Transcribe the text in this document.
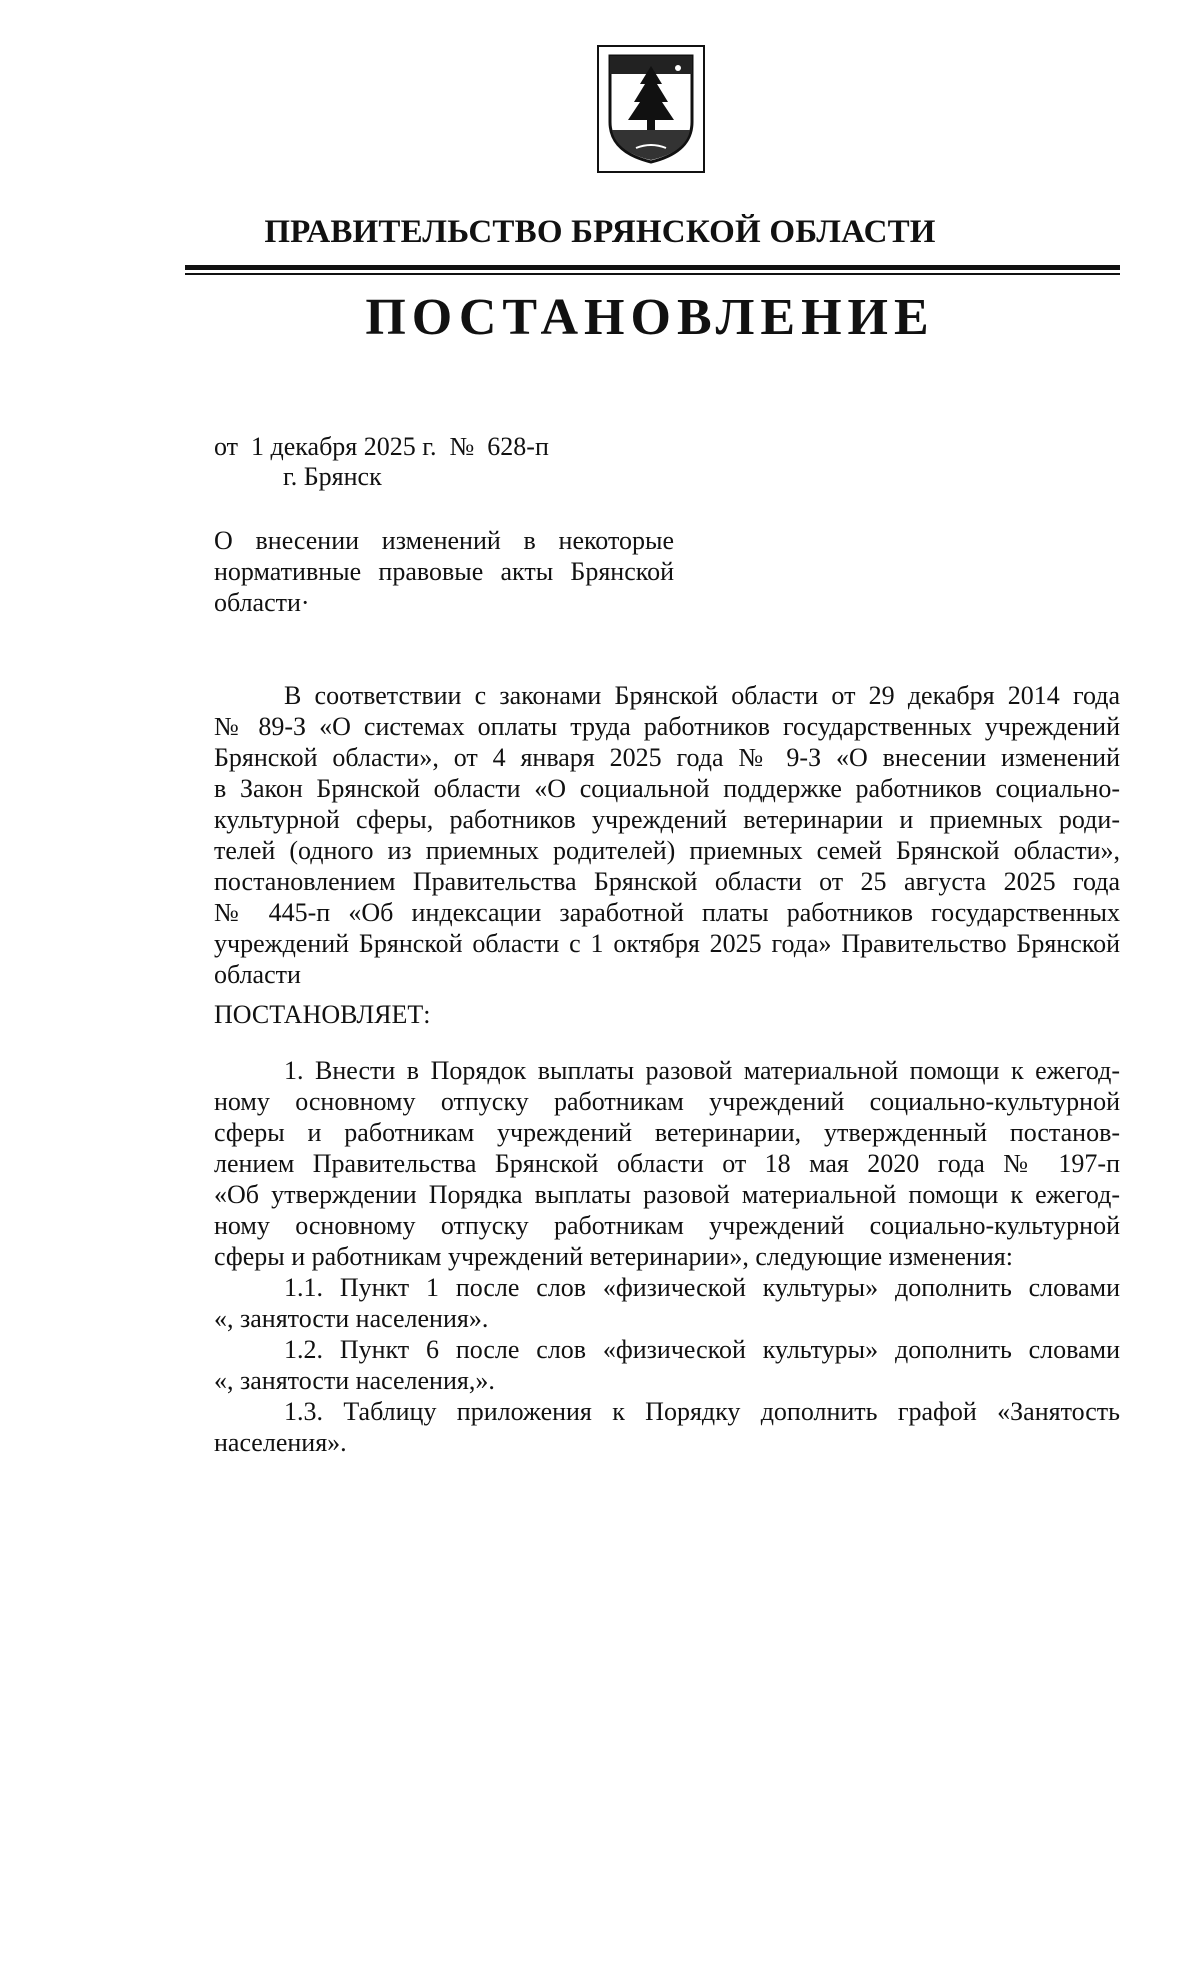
ПРАВИТЕЛЬСТВО БРЯНСКОЙ ОБЛАСТИ
ПОСТАНОВЛЕНИЕ
от  1 декабря 2025 г.  №  628-п
г. Брянск
О внесении изменений в некоторые
нормативные правовые акты Брянской
области·
В соответствии с законами Брянской области от 29 декабря 2014 года
№ 89-З «О системах оплаты труда работников государственных учреждений
Брянской области», от 4 января 2025 года № 9-З «О внесении изменений
в Закон Брянской области «О социальной поддержке работников социально-
культурной сферы, работников учреждений ветеринарии и приемных роди-
телей (одного из приемных родителей) приемных семей Брянской области»,
постановлением Правительства Брянской области от 25 августа 2025 года
№ 445-п «Об индексации заработной платы работников государственных
учреждений Брянской области с 1 октября 2025 года» Правительство Брянской
области
ПОСТАНОВЛЯЕТ:
1. Внести в Порядок выплаты разовой материальной помощи к ежегод-
ному основному отпуску работникам учреждений социально-культурной
сферы и работникам учреждений ветеринарии, утвержденный постанов-
лением Правительства Брянской области от 18 мая 2020 года № 197-п
«Об утверждении Порядка выплаты разовой материальной помощи к ежегод-
ному основному отпуску работникам учреждений социально-культурной
сферы и работникам учреждений ветеринарии», следующие изменения:
1.1. Пункт 1 после слов «физической культуры» дополнить словами
«, занятости населения».
1.2. Пункт 6 после слов «физической культуры» дополнить словами
«, занятости населения,».
1.3. Таблицу приложения к Порядку дополнить графой «Занятость
населения».
